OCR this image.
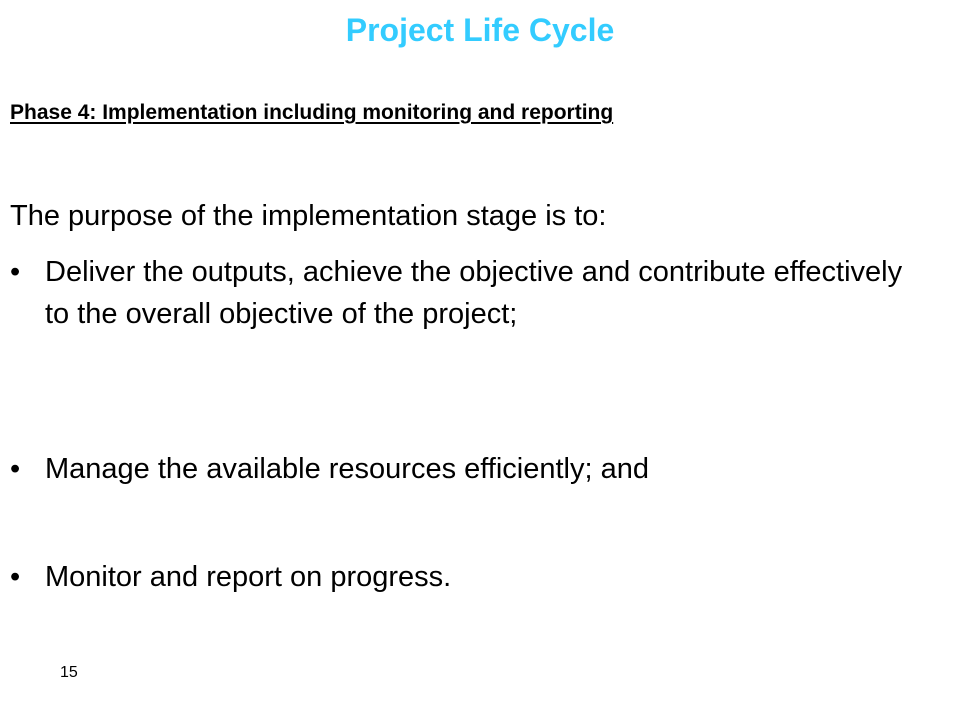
Project Life Cycle
Phase 4: Implementation including monitoring and reporting
The purpose of the implementation stage is to:
• Deliver the outputs, achieve the objective and contribute effectively to the overall objective of the project;
• Manage the available resources efficiently; and
• Monitor and report on progress.
15
